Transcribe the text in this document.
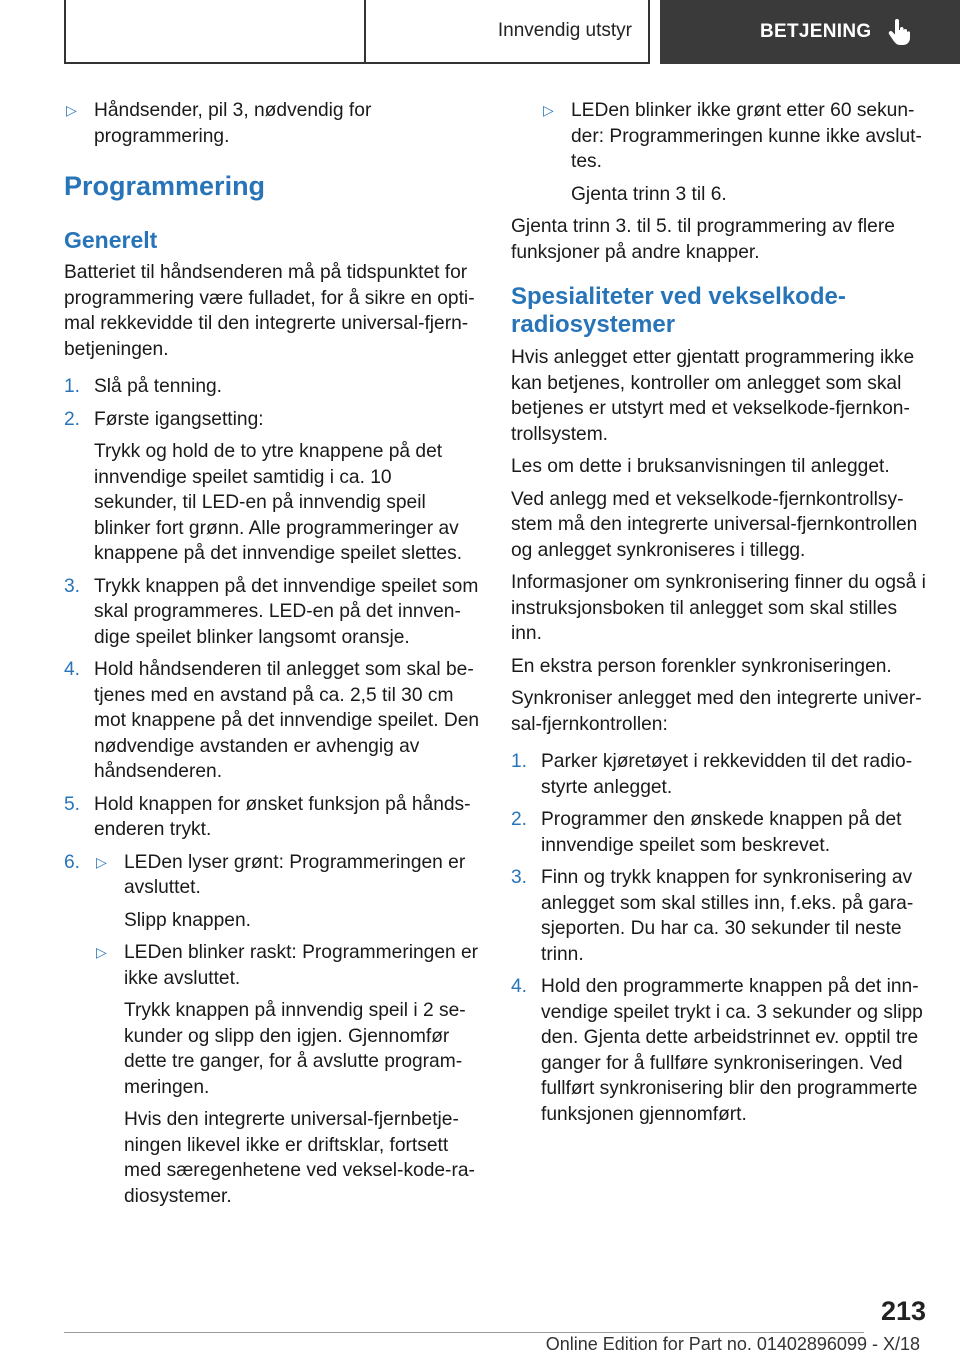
Innvendig utstyr	BETJENING
▷ Håndsender, pil 3, nødvendig for programmering.
Programmering
Generelt

Batteriet til håndsenderen må på tidspunktet for programmering være fulladet, for å sikre en optimal rekkevidde til den integrerte universal-fjernbetjeningen.

1. Slå på tenning.
2. Første igangsetting:

Trykk og hold de to ytre knappene på det innvendige speilet samtidig i ca. 10 sekunder, til LED-en på innvendig speil blinker fort grønn. Alle programmeringer av knappene på det innvendige speilet slettes.

3. Trykk knappen på det innvendige speilet som skal programmeres. LED-en på det innvendige speilet blinker langsomt oransje.
4. Hold håndsenderen til anlegget som skal betjenes med en avstand på ca. 2,5 til 30 cm mot knappene på det innvendige speilet. Den nødvendige avstanden er avhengig av håndsenderen.
5. Hold knappen for ønsket funksjon på håndsenderen trykt.
6.	▷ LEDen lyser grønt: Programmeringen er avsluttet.

Slipp knappen.

▷ LEDen blinker raskt: Programmeringen er ikke avsluttet.

Trykk knappen på innvendig speil i 2 sekunder og slipp den igjen. Gjennomfør dette tre ganger, for å avslutte programmeringen.

Hvis den integrerte universal-fjernbetjeningen likevel ikke er driftsklar, fortsett med særegenhetene ved veksel-kode-radiosystemer.

▷ LEDen blinker ikke grønt etter 60 sekunder: Programmeringen kunne ikke avsluttes.

Gjenta trinn 3 til 6.

Gjenta trinn 3. til 5. til programmering av flere funksjoner på andre knapper.

Spesialiteter ved vekselkode-radiosystemer

Hvis anlegget etter gjentatt programmering ikke kan betjenes, kontroller om anlegget som skal betjenes er utstyrt med et vekselkode-fjernkontrollsystem.

Les om dette i bruksanvisningen til anlegget.

Ved anlegg med et vekselkode-fjernkontrollsystem må den integrerte universal-fjernkontrollen og anlegget synkroniseres i tillegg.

Informasjoner om synkronisering finner du også i instruksjonsboken til anlegget som skal stilles inn.

En ekstra person forenkler synkroniseringen.

Synkroniser anlegget med den integrerte universal-fjernkontrollen:

1. Parker kjøretøyet i rekkevidden til det radiostyrte anlegget.
2. Programmer den ønskede knappen på det innvendige speilet som beskrevet.
3. Finn og trykk knappen for synkronisering av anlegget som skal stilles inn, f.eks. på garasjeporten. Du har ca. 30 sekunder til neste trinn.
4. Hold den programmerte knappen på det innvendige speilet trykt i ca. 3 sekunder og slipp den. Gjenta dette arbeidstrinnet ev. opptil tre ganger for å fullføre synkroniseringen. Ved fullført synkronisering blir den programmerte funksjonen gjennomført.
213
Online Edition for Part no. 01402896099 - X/18
